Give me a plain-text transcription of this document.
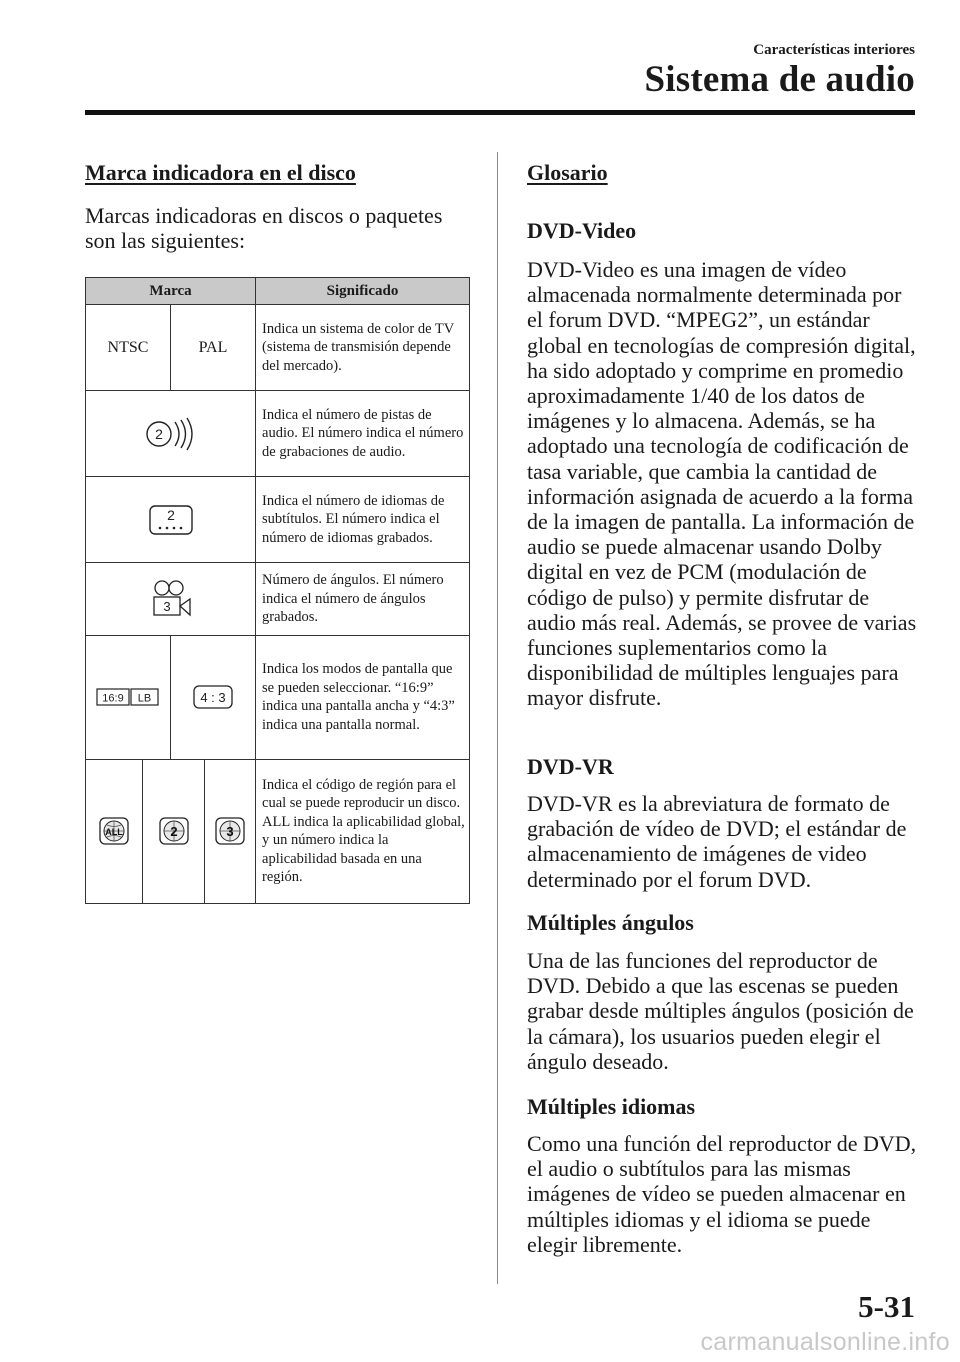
Características interiores
Sistema de audio
Marca indicadora en el disco
Marcas indicadoras en discos o paquetes son las siguientes:
Marca				Significado
NTSC		PAL		Indica un sistema de color de TV (sistema de transmisión depende del mercado).

2				Indica el número de pistas de audio. El número indica el número de grabaciones de audio.

2				Indica el número de idiomas de subtítulos. El número indica el número de idiomas grabados.

3				Número de ángulos. El número indica el número de ángulos grabados.

16:9 LB		4 : 3		Indica los modos de pantalla que se pueden seleccionar. “16:9” indica una pantalla ancha y “4:3” indica una pantalla normal.

ALL	2		3	Indica el código de región para el cual se puede reproducir un disco. ALL indica la aplicabilidad global, y un número indica la aplicabilidad basada en una región.
Glosario
DVD-Video
DVD-Video es una imagen de vídeo almacenada normalmente determinada por el forum DVD. “MPEG2”, un estándar global en tecnologías de compresión digital, ha sido adoptado y comprime en promedio aproximadamente 1/40 de los datos de imágenes y lo almacena. Además, se ha adoptado una tecnología de codificación de tasa variable, que cambia la cantidad de información asignada de acuerdo a la forma de la imagen de pantalla. La información de audio se puede almacenar usando Dolby digital en vez de PCM (modulación de código de pulso) y permite disfrutar de audio más real. Además, se provee de varias funciones suplementarios como la disponibilidad de múltiples lenguajes para mayor disfrute.
DVD-VR
DVD-VR es la abreviatura de formato de grabación de vídeo de DVD; el estándar de almacenamiento de imágenes de video determinado por el forum DVD.
Múltiples ángulos
Una de las funciones del reproductor de DVD. Debido a que las escenas se pueden grabar desde múltiples ángulos (posición de la cámara), los usuarios pueden elegir el ángulo deseado.
Múltiples idiomas
Como una función del reproductor de DVD, el audio o subtítulos para las mismas imágenes de vídeo se pueden almacenar en múltiples idiomas y el idioma se puede elegir libremente.
5-31
carmanualsonline.info
